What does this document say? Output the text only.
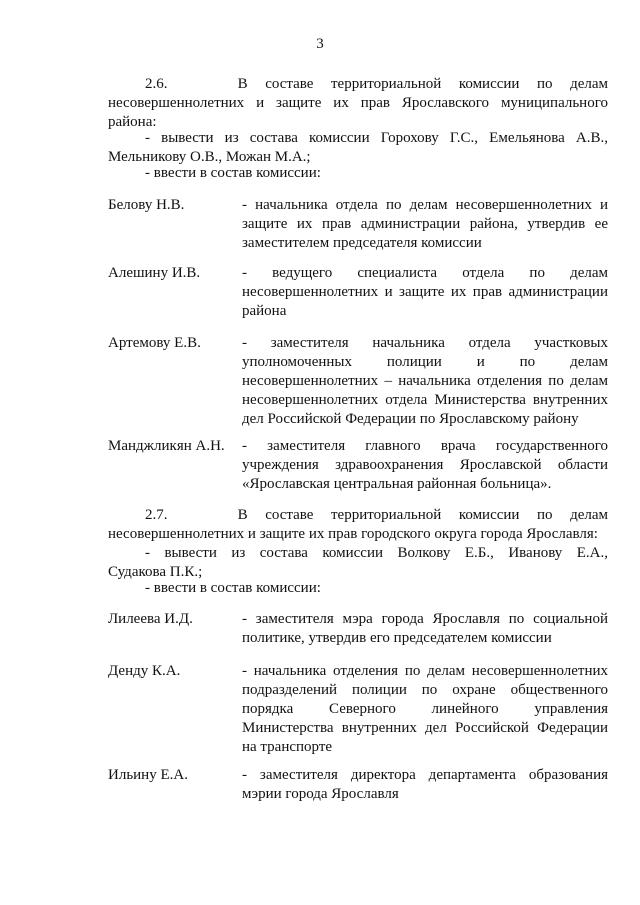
3
2.6.    В составе территориальной комиссии по делам
несовершеннолетних и защите их прав Ярославского муниципального
района:
- вывести из состава комиссии Горохову Г.С., Емельянова А.В.,
Мельникову О.В., Можан М.А.;
- ввести в состав комиссии:
Белову Н.В.	- начальника отдела по делам несовершеннолетних и
защите их прав администрации района, утвердив ее
заместителем председателя комиссии
Алешину И.В.	- ведущего специалиста отдела по делам
несовершеннолетних и защите их прав администрации
района
Артемову Е.В.	- заместителя начальника отдела участковых
уполномоченных полиции и по делам
несовершеннолетних – начальника отделения по делам
несовершеннолетних отдела Министерства внутренних
дел Российской Федерации по Ярославскому району
Манджликян А.Н. - заместителя главного врача государственного
учреждения здравоохранения Ярославской области
«Ярославская центральная районная больница».
2.7.    В составе территориальной комиссии по делам
несовершеннолетних и защите их прав городского округа города Ярославля:
- вывести из состава комиссии Волкову Е.Б., Иванову Е.А.,
Судакова П.К.;
- ввести в состав комиссии:
Лилеева И.Д.	- заместителя мэра города Ярославля по социальной
политике, утвердив его председателем комиссии
Денду К.А.	- начальника отделения по делам несовершеннолетних
подразделений полиции по охране общественного
порядка Северного линейного управления
Министерства внутренних дел Российской Федерации
на транспорте
Ильину Е.А.	- заместителя директора департамента образования
мэрии города Ярославля
